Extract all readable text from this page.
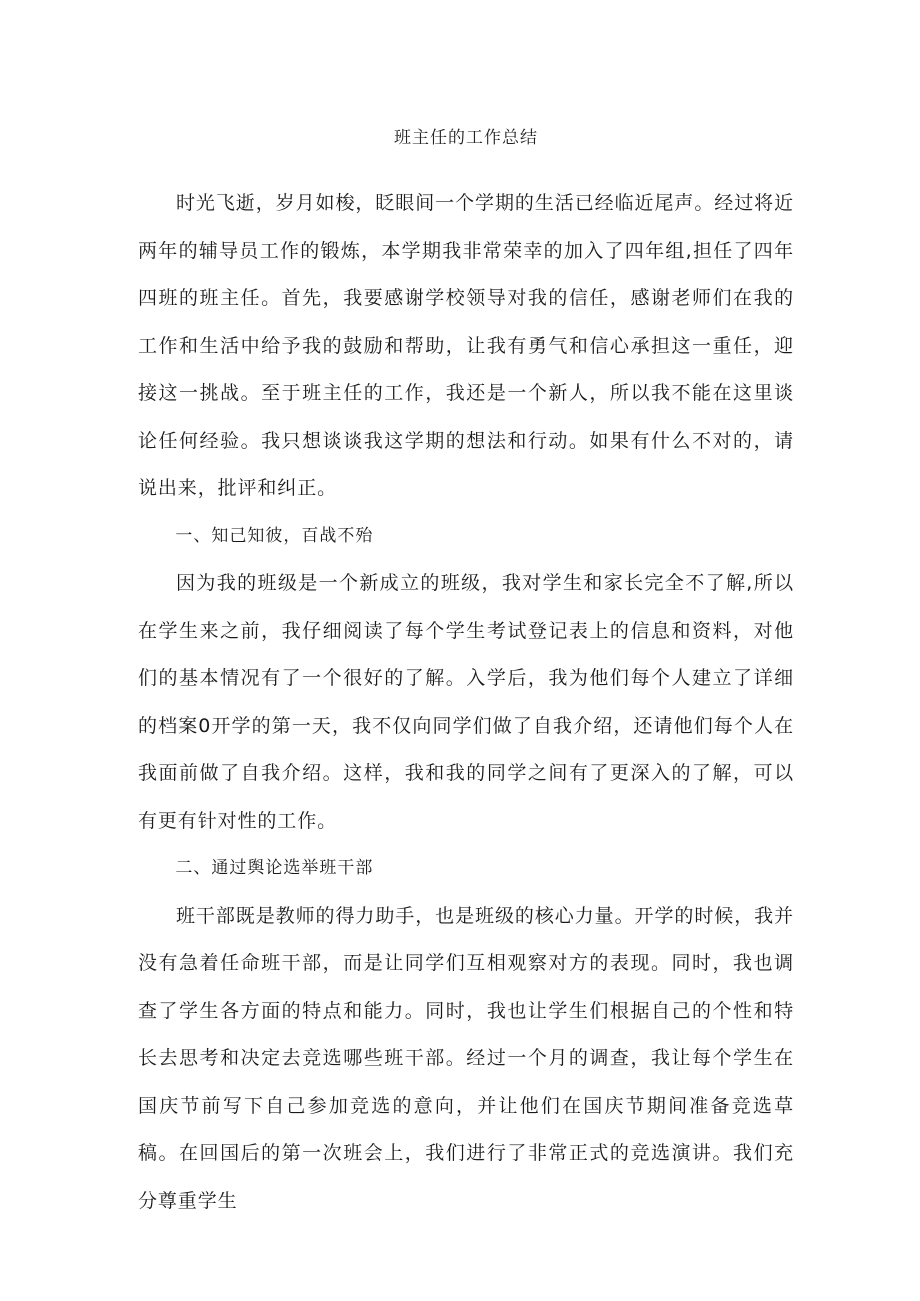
班主任的工作总结

时光飞逝，岁月如梭，眨眼间一个学期的生活已经临近尾声。经过将近两年的辅导员工作的锻炼，本学期我非常荣幸的加入了四年组,担任了四年四班的班主任。首先，我要感谢学校领导对我的信任，感谢老师们在我的工作和生活中给予我的鼓励和帮助，让我有勇气和信心承担这一重任，迎接这一挑战。至于班主任的工作，我还是一个新人，所以我不能在这里谈论任何经验。我只想谈谈我这学期的想法和行动。如果有什么不对的，请说出来，批评和纠正。

一、知己知彼，百战不殆

因为我的班级是一个新成立的班级，我对学生和家长完全不了解,所以在学生来之前，我仔细阅读了每个学生考试登记表上的信息和资料，对他们的基本情况有了一个很好的了解。入学后，我为他们每个人建立了详细的档案0开学的第一天，我不仅向同学们做了自我介绍，还请他们每个人在我面前做了自我介绍。这样，我和我的同学之间有了更深入的了解，可以有更有针对性的工作。

二、通过舆论选举班干部

班干部既是教师的得力助手，也是班级的核心力量。开学的时候，我并没有急着任命班干部，而是让同学们互相观察对方的表现。同时，我也调查了学生各方面的特点和能力。同时，我也让学生们根据自己的个性和特长去思考和决定去竞选哪些班干部。经过一个月的调查，我让每个学生在国庆节前写下自己参加竞选的意向，并让他们在国庆节期间准备竞选草稿。在回国后的第一次班会上，我们进行了非常正式的竞选演讲。我们充分尊重学生
